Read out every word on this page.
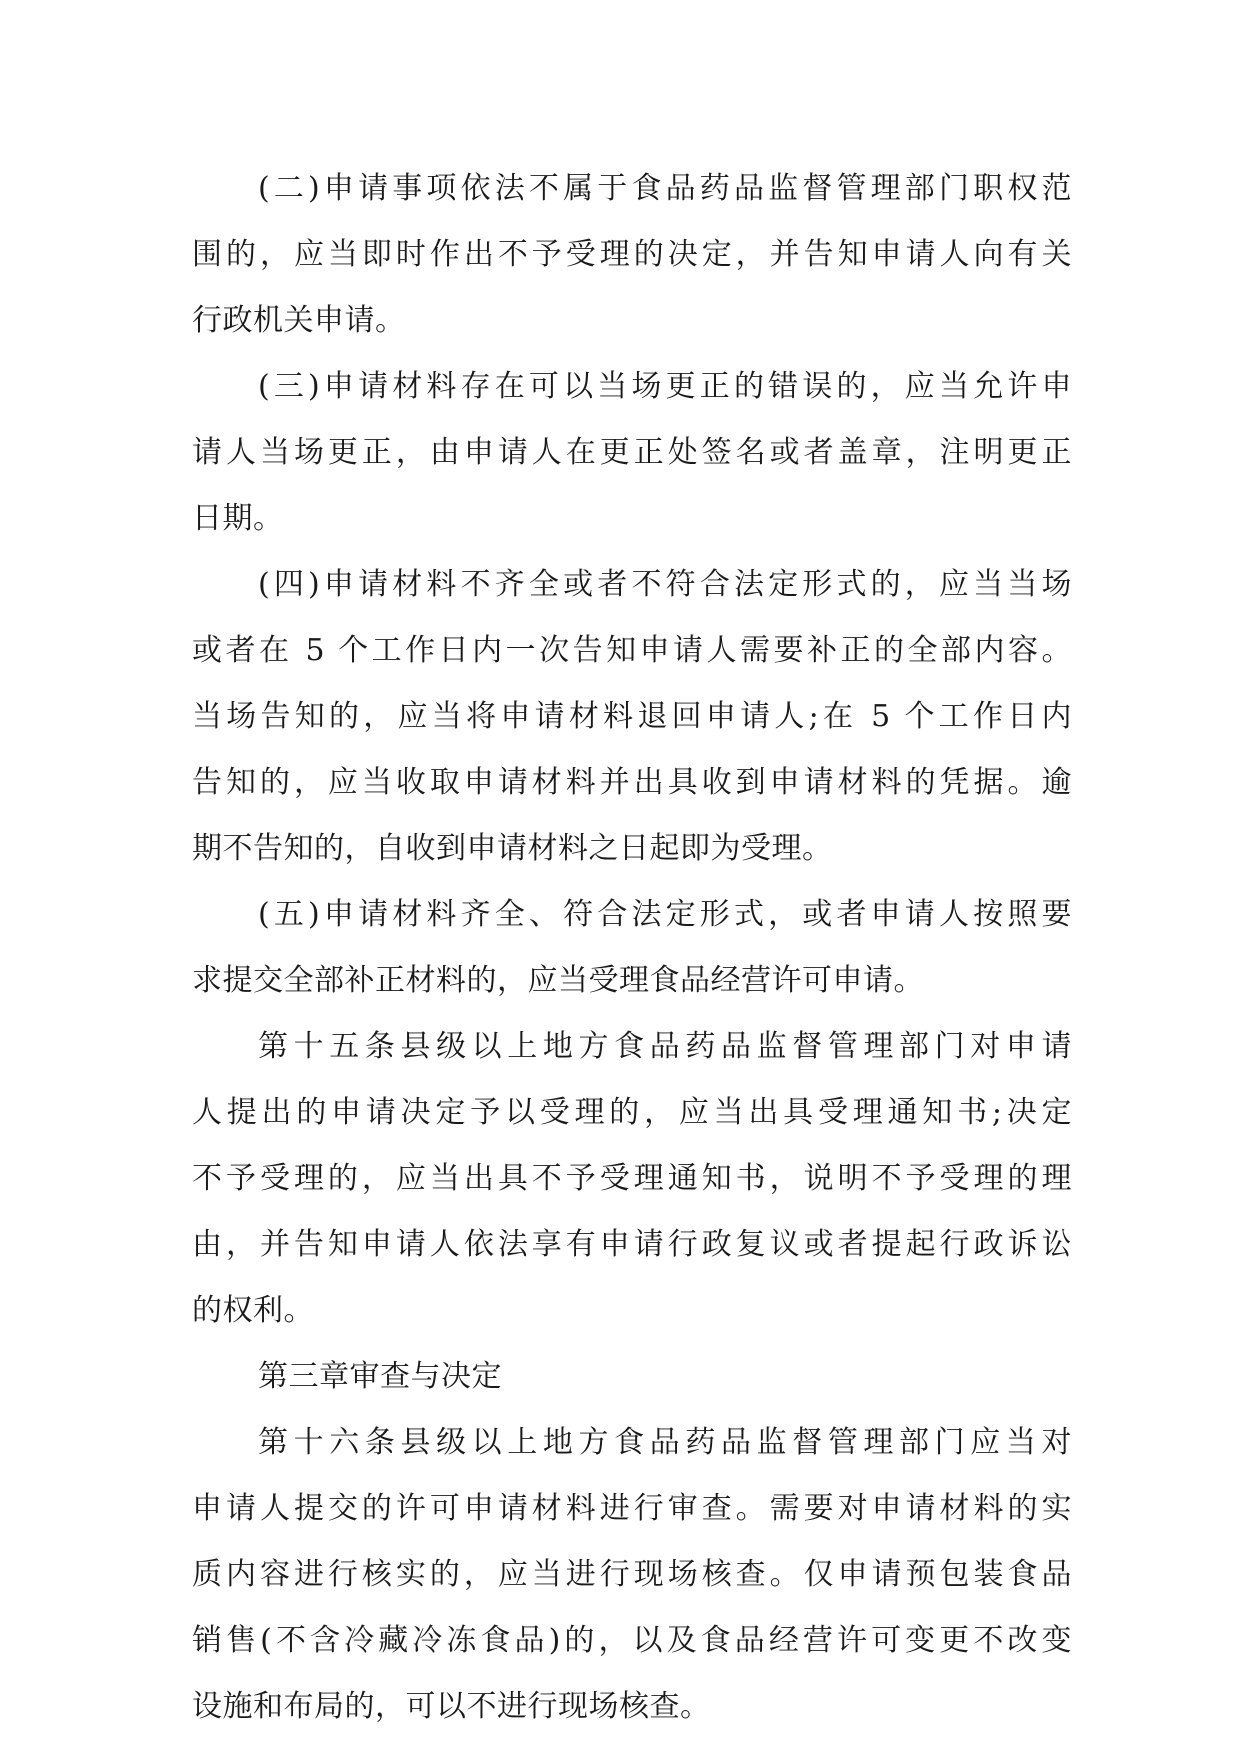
(二)申请事项依法不属于食品药品监督管理部门职权范
围的，应当即时作出不予受理的决定，并告知申请人向有关
行政机关申请。
(三)申请材料存在可以当场更正的错误的，应当允许申
请人当场更正，由申请人在更正处签名或者盖章，注明更正
日期。
(四)申请材料不齐全或者不符合法定形式的，应当当场
或者在 5 个工作日内一次告知申请人需要补正的全部内容。
当场告知的，应当将申请材料退回申请人;在 5 个工作日内
告知的，应当收取申请材料并出具收到申请材料的凭据。逾
期不告知的，自收到申请材料之日起即为受理。
(五)申请材料齐全、符合法定形式，或者申请人按照要
求提交全部补正材料的，应当受理食品经营许可申请。
第十五条县级以上地方食品药品监督管理部门对申请
人提出的申请决定予以受理的，应当出具受理通知书;决定
不予受理的，应当出具不予受理通知书，说明不予受理的理
由，并告知申请人依法享有申请行政复议或者提起行政诉讼
的权利。
第三章审查与决定
第十六条县级以上地方食品药品监督管理部门应当对
申请人提交的许可申请材料进行审查。需要对申请材料的实
质内容进行核实的，应当进行现场核查。仅申请预包装食品
销售(不含冷藏冷冻食品)的，以及食品经营许可变更不改变
设施和布局的，可以不进行现场核查。
